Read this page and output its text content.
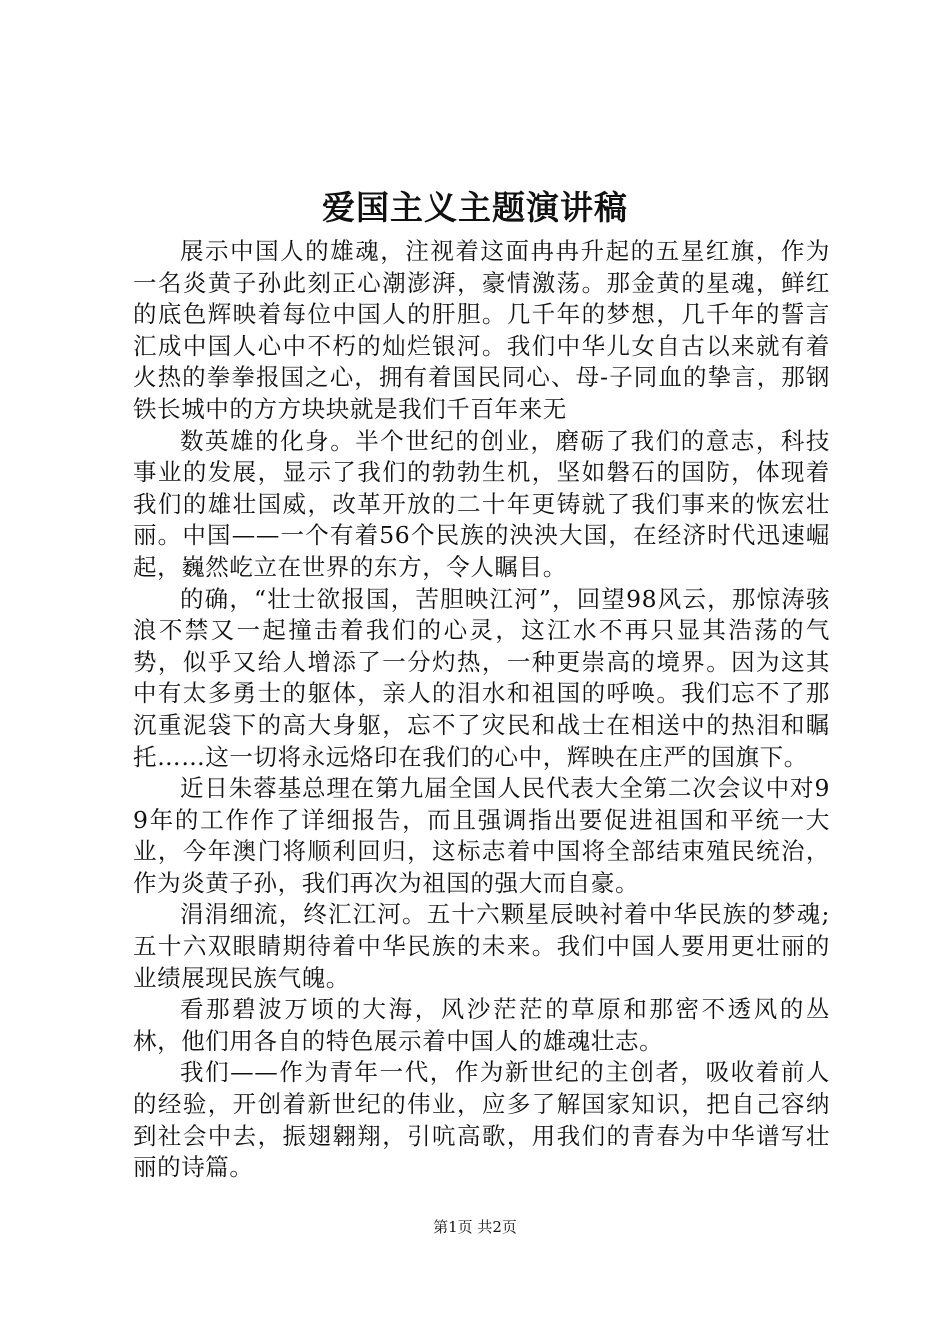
爱国主义主题演讲稿

展示中国人的雄魂，注视着这面冉冉升起的五星红旗，作为一名炎黄子孙此刻正心潮澎湃，豪情激荡。那金黄的星魂，鲜红的底色辉映着每位中国人的肝胆。几千年的梦想，几千年的誓言汇成中国人心中不朽的灿烂银河。我们中华儿女自古以来就有着火热的拳拳报国之心，拥有着国民同心、母-子同血的挚言，那钢铁长城中的方方块块就是我们千百年来无

数英雄的化身。半个世纪的创业，磨砺了我们的意志，科技事业的发展，显示了我们的勃勃生机，坚如磐石的国防，体现着我们的雄壮国威，改革开放的二十年更铸就了我们事来的恢宏壮丽。中国——一个有着56个民族的泱泱大国，在经济时代迅速崛起，巍然屹立在世界的东方，令人瞩目。

的确，“壮士欲报国，苦胆映江河”，回望98风云，那惊涛骇浪不禁又一起撞击着我们的心灵，这江水不再只显其浩荡的气势，似乎又给人增添了一分灼热，一种更崇高的境界。因为这其中有太多勇士的躯体，亲人的泪水和祖国的呼唤。我们忘不了那沉重泥袋下的高大身躯，忘不了灾民和战士在相送中的热泪和瞩托……这一切将永远烙印在我们的心中，辉映在庄严的国旗下。

近日朱蓉基总理在第九届全国人民代表大全第二次会议中对99年的工作作了详细报告，而且强调指出要促进祖国和平统一大业，今年澳门将顺利回归，这标志着中国将全部结束殖民统治，作为炎黄子孙，我们再次为祖国的强大而自豪。

涓涓细流，终汇江河。五十六颗星辰映衬着中华民族的梦魂;五十六双眼睛期待着中华民族的未来。我们中国人要用更壮丽的业绩展现民族气魄。

看那碧波万顷的大海，风沙茫茫的草原和那密不透风的丛林，他们用各自的特色展示着中国人的雄魂壮志。

我们——作为青年一代，作为新世纪的主创者，吸收着前人的经验，开创着新世纪的伟业，应多了解国家知识，把自己容纳到社会中去，振翅翱翔，引吭高歌，用我们的青春为中华谱写壮丽的诗篇。

第1页 共2页
